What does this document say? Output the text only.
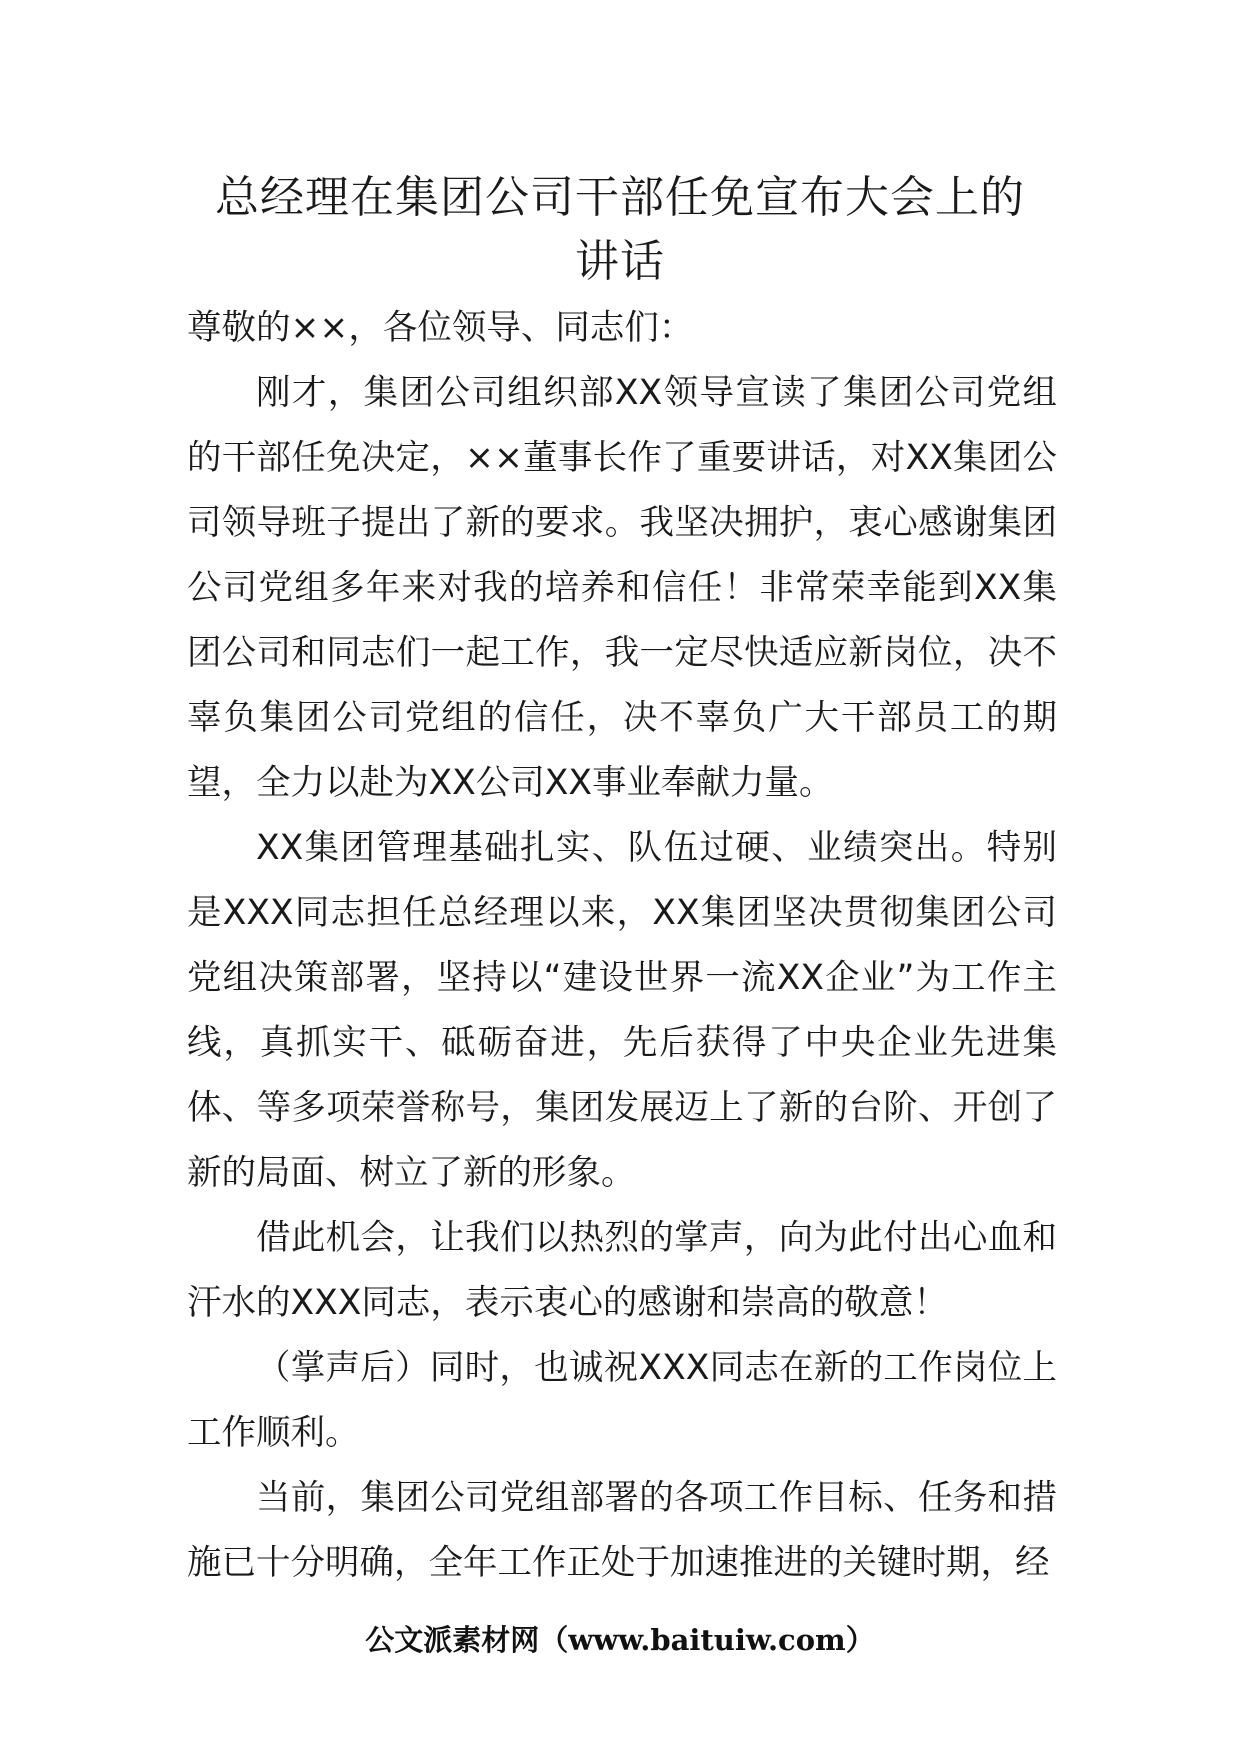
总经理在集团公司干部任免宣布大会上的
讲话

尊敬的××，各位领导、同志们：

刚才，集团公司组织部XX领导宣读了集团公司党组的干部任免决定，××董事长作了重要讲话，对XX集团公司领导班子提出了新的要求。我坚决拥护，衷心感谢集团公司党组多年来对我的培养和信任！非常荣幸能到XX集团公司和同志们一起工作，我一定尽快适应新岗位，决不辜负集团公司党组的信任，决不辜负广大干部员工的期望，全力以赴为XX公司XX事业奉献力量。

XX集团管理基础扎实、队伍过硬、业绩突出。特别是XXX同志担任总经理以来，XX集团坚决贯彻集团公司党组决策部署，坚持以“建设世界一流XX企业”为工作主线，真抓实干、砥砺奋进，先后获得了中央企业先进集体、等多项荣誉称号，集团发展迈上了新的台阶、开创了新的局面、树立了新的形象。

借此机会，让我们以热烈的掌声，向为此付出心血和汗水的XXX同志，表示衷心的感谢和崇高的敬意！

（掌声后）同时，也诚祝XXX同志在新的工作岗位上工作顺利。

当前，集团公司党组部署的各项工作目标、任务和措施已十分明确，全年工作正处于加速推进的关键时期，经

公文派素材网（www.baituiw.com）
